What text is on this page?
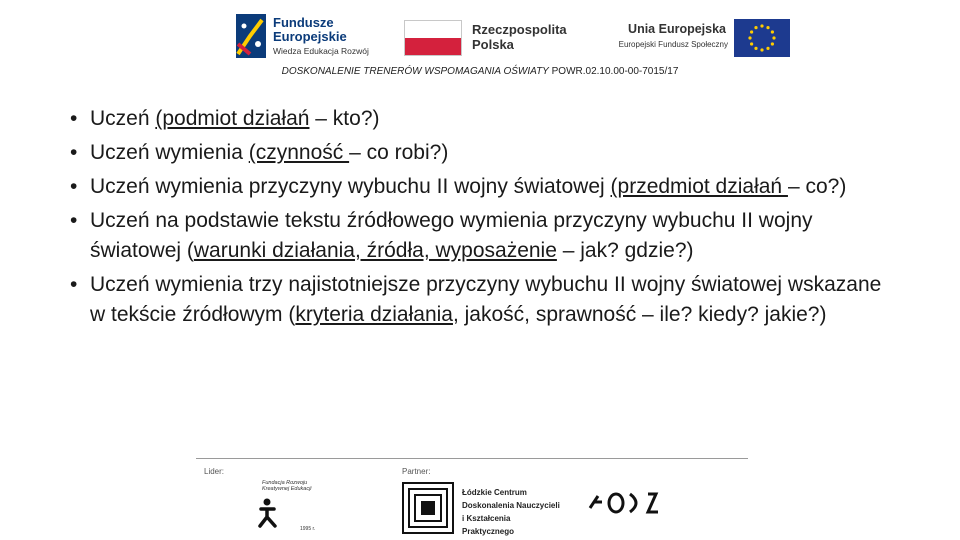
Fundusze
Europejskie
Wiedza Edukacja Rozwój
Rzeczpospolita
Polska
Unia Europejska
Europejski Fundusz Społeczny
DOSKONALENIE TRENERÓW WSPOMAGANIA OŚWIATY POWR.02.10.00-00-7015/17
• Uczeń (podmiot działań – kto?)
• Uczeń wymienia (czynność – co robi?)
• Uczeń wymienia przyczyny wybuchu II wojny światowej (przedmiot działań – co?)
• Uczeń na podstawie tekstu źródłowego wymienia przyczyny wybuchu II wojny światowej (warunki działania, źródła, wyposażenie – jak? gdzie?)
• Uczeń wymienia trzy najistotniejsze przyczyny wybuchu II wojny światowej wskazane w tekście źródłowym (kryteria działania, jakość, sprawność – ile? kiedy? jakie?)
Lider:	Partner:
Fundacja Rozwoju Kreatywnej Edukacji
1995 r.
Łódzkie Centrum
Doskonalenia Nauczycieli
i Kształcenia Praktycznego
